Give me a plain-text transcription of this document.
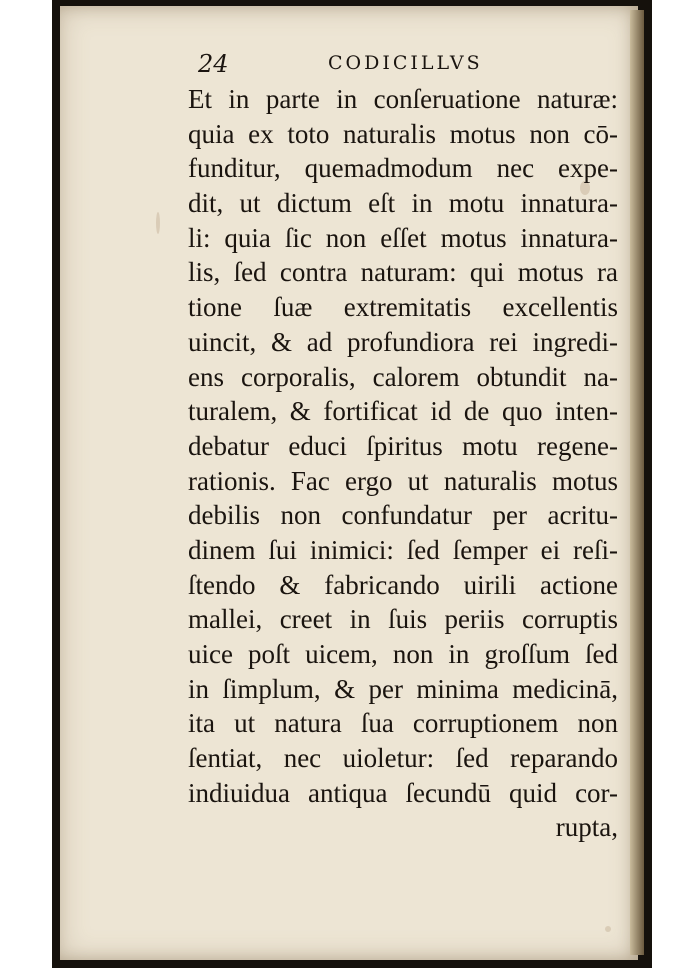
24	CODICILLVS
Et in parte in conſeruatione naturæ:
quia ex toto naturalis motus non cō-
funditur, quemadmodum nec expe-
dit, ut dictum eſt in motu innatura-
li: quia ſic non eſſet motus innatura-
lis, ſed contra naturam: qui motus ra
tione ſuæ extremitatis excellentis
uincit, & ad profundiora rei ingredi-
ens corporalis, calorem obtundit na-
turalem, & fortificat id de quo inten-
debatur educi ſpiritus motu regene-
rationis. Fac ergo ut naturalis motus
debilis non confundatur per acritu-
dinem ſui inimici: ſed ſemper ei reſi-
ſtendo & fabricando uirili actione
mallei, creet in ſuis periis corruptis
uice poſt uicem, non in groſſum ſed
in ſimplum, & per minima medicinā,
ita ut natura ſua corruptionem non
ſentiat, nec uioletur: ſed reparando
indiuidua antiqua ſecundū quid cor-
rupta,
